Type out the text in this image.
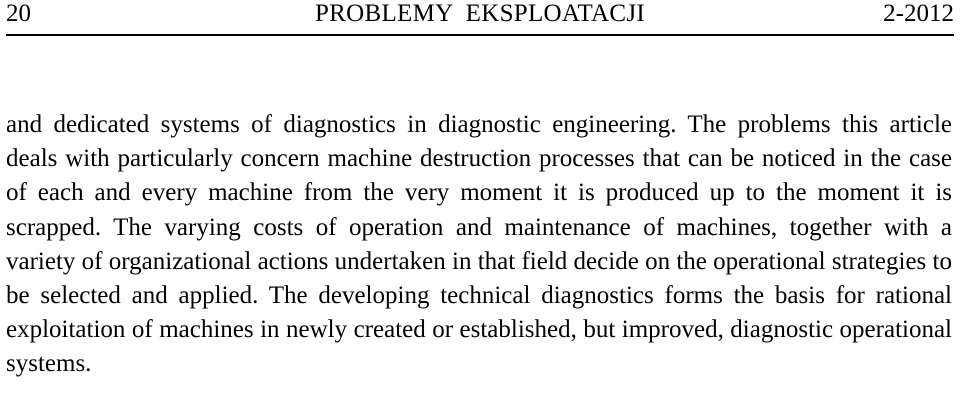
20	PROBLEMY  EKSPLOATACJI	2-2012

and dedicated systems of diagnostics in diagnostic engineering. The problems this article deals with particularly concern machine destruction processes that can be noticed in the case of each and every machine from the very moment it is produced up to the moment it is scrapped. The varying costs of operation and maintenance of machines, together with a variety of organizational actions undertaken in that field decide on the operational strategies to be selected and applied. The developing technical diagnostics forms the basis for rational exploitation of machines in newly created or established, but improved, diagnostic operational systems.
